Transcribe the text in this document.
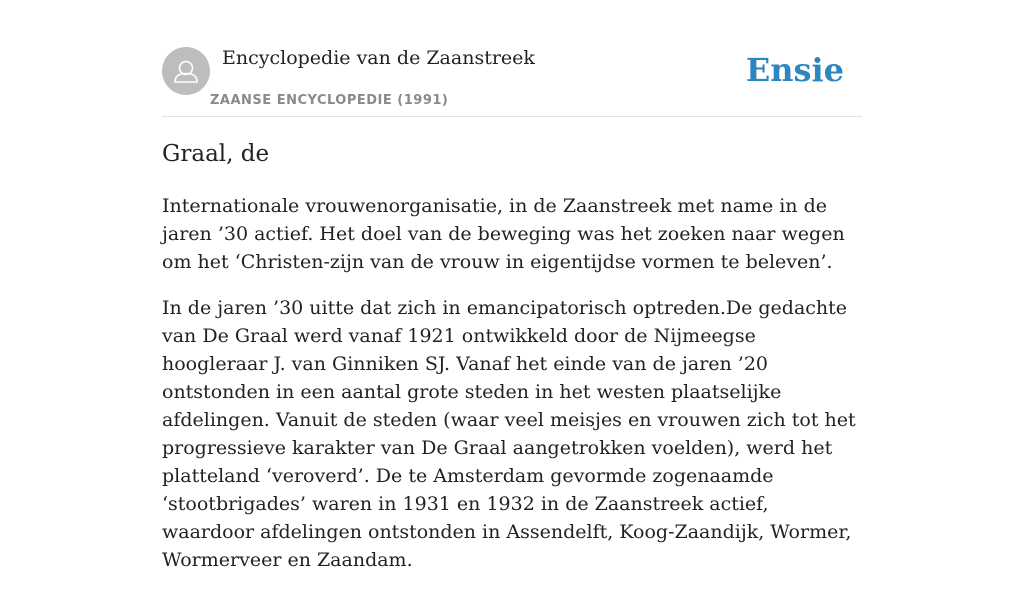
Encyclopedie van de Zaanstreek
ZAANSE ENCYCLOPEDIE (1991)
Ensie
Graal, de

Internationale vrouwenorganisatie, in de Zaanstreek met name in de jaren ’30 actief. Het doel van de beweging was het zoeken naar wegen om het ‘Christen-zijn van de vrouw in eigentijdse vormen te beleven’.

In de jaren ’30 uitte dat zich in emancipatorisch optreden.De gedachte van De Graal werd vanaf 1921 ontwikkeld door de Nijmeegse hoogleraar J. van Ginniken SJ. Vanaf het einde van de jaren ’20 ontstonden in een aantal grote steden in het westen plaatselijke afdelingen. Vanuit de steden (waar veel meisjes en vrouwen zich tot het progressieve karakter van De Graal aangetrokken voelden), werd het platteland ‘veroverd’. De te Amsterdam gevormde zogenaamde ‘stootbrigades’ waren in 1931 en 1932 in de Zaanstreek actief, waardoor afdelingen ontstonden in Assendelft, Koog-Zaandijk, Wormer, Wormerveer en Zaandam.
